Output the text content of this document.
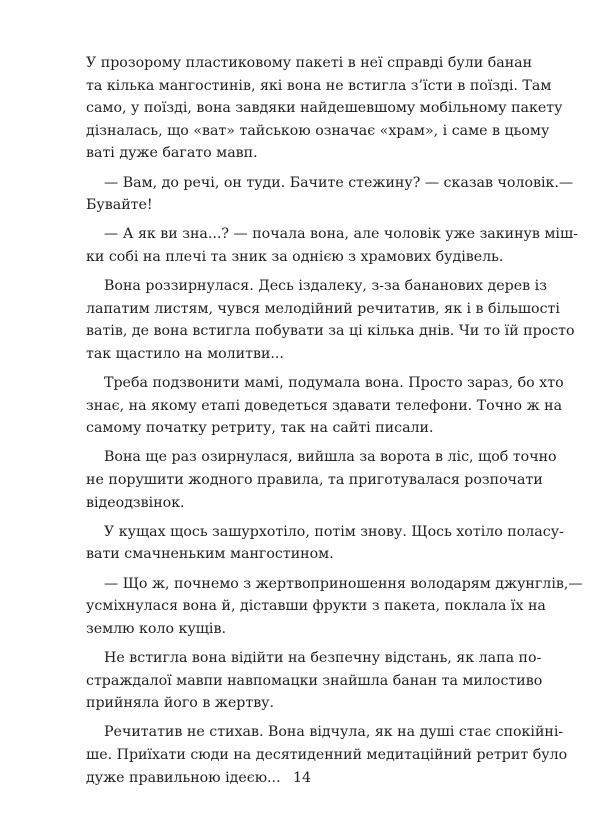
У прозорому пластиковому пакеті в неї справді були банан
та кілька мангостинів, які вона не встигла з’їсти в поїзді. Там
само, у поїзді, вона завдяки найдешевшому мобільному пакету
дізналась, що «ват» тайською означає «храм», і саме в цьому
ваті дуже багато мавп.
— Вам, до речі, он туди. Бачите стежину? — сказав чоловік.—
Бувайте!
— А як ви зна...? — почала вона, але чоловік уже закинув міш-
ки собі на плечі та зник за однією з храмових будівель.
Вона роззирнулася. Десь іздалеку, з-за бананових дерев із
лапатим листям, чувся мелодійний речитатив, як і в більшості
ватів, де вона встигла побувати за ці кілька днів. Чи то їй просто
так щастило на молитви...
Треба подзвонити мамі, подумала вона. Просто зараз, бо хто
знає, на якому етапі доведеться здавати телефони. Точно ж на
самому початку ретриту, так на сайті писали.
Вона ще раз озирнулася, вийшла за ворота в ліс, щоб точно
не порушити жодного правила, та приготувалася розпочати
відеодзвінок.
У кущах щось зашурхотіло, потім знову. Щось хотіло поласу-
вати смачненьким мангостином.
— Що ж, почнемо з жертвоприношення володарям джунглів,—
усміхнулася вона й, діставши фрукти з пакета, поклала їх на
землю коло кущів.
Не встигла вона відійти на безпечну відстань, як лапа по-
страждалої мавпи навпомацки знайшла банан та милостиво
прийняла його в жертву.
Речитатив не стихав. Вона відчула, як на душі стає спокійні-
ше. Приїхати сюди на десятиденний медитаційний ретрит було
дуже правильною ідеєю... 14
